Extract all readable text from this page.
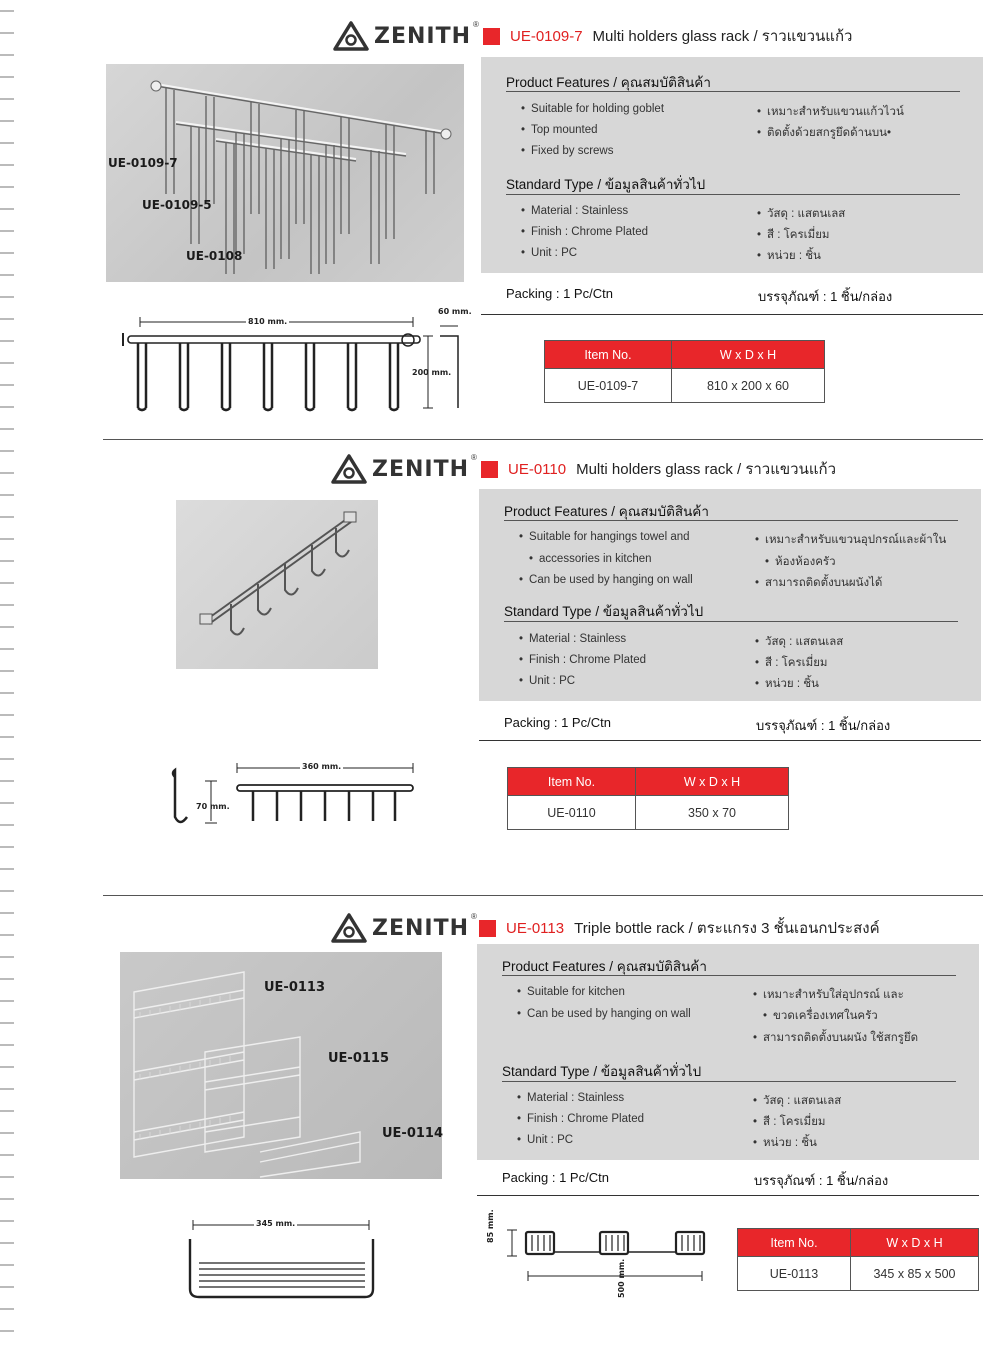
ZENITH ®
UE-0109-7 Multi holders glass rack / ราวแขวนแก้ว
UE-0109-7
UE-0109-5
UE-0108
Product Features / คุณสมบัติสินค้า
• Suitable for holding goblet
• Top mounted
• Fixed by screws
• เหมาะสำหรับแขวนแก้วไวน์
• ติดตั้งด้วยสกรูยึดด้านบน•
Standard Type / ข้อมูลสินค้าทั่วไป
• Material : Stainless
• Finish : Chrome Plated
• Unit : PC
• วัสดุ : แสตนเลส
• สี : โครเมี่ยม
• หน่วย : ชิ้น
Packing : 1 Pc/Ctn	บรรจุภัณฑ์ : 1 ชิ้น/กล่อง
810 mm.
60 mm.
200 mm.
Item No.	W x D x H
UE-0109-7	810 x 200 x 60
ZENITH ®
UE-0110 Multi holders glass rack / ราวแขวนแก้ว
Product Features / คุณสมบัติสินค้า
• Suitable for hangings towel and
• accessories in kitchen
• Can be used by hanging on wall
• เหมาะสำหรับแขวนอุปกรณ์และผ้าใน
• ห้องห้องครัว
• สามารถติดตั้งบนผนังได้
Standard Type / ข้อมูลสินค้าทั่วไป
• Material : Stainless
• Finish : Chrome Plated
• Unit : PC
• วัสดุ : แสตนเลส
• สี : โครเมี่ยม
• หน่วย : ชิ้น
Packing : 1 Pc/Ctn	บรรจุภัณฑ์ : 1 ชิ้น/กล่อง
360 mm.
70 mm.
Item No.	W x D x H
UE-0110	350 x 70
ZENITH ®
UE-0113 Triple bottle rack / ตระแกรง 3 ชั้นเอนกประสงค์
UE-0113
UE-0115
UE-0114
Product Features / คุณสมบัติสินค้า
• Suitable for kitchen
• Can be used by hanging on wall
• เหมาะสำหรับใส่อุปกรณ์ และ
• ขวดเครื่องเทศในครัว
• สามารถติดตั้งบนผนัง ใช้สกรูยึด
Standard Type / ข้อมูลสินค้าทั่วไป
• Material : Stainless
• Finish : Chrome Plated
• Unit : PC
• วัสดุ : แสตนเลส
• สี : โครเมี่ยม
• หน่วย : ชิ้น
Packing : 1 Pc/Ctn	บรรจุภัณฑ์ : 1 ชิ้น/กล่อง
345 mm.	85 mm.
500 mm.
Item No.	W x D x H
UE-0113	345 x 85 x 500
